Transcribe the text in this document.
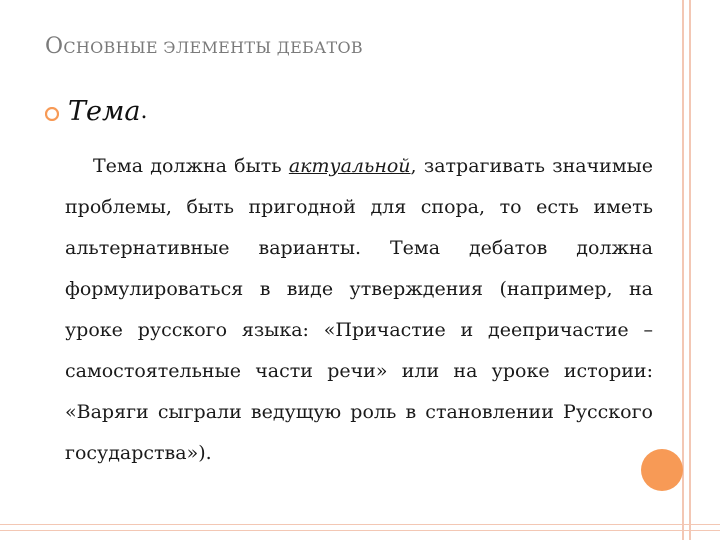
ОСНОВНЫЕ ЭЛЕМЕНТЫ ДЕБАТОВ
Тема .
Тема должна быть актуальной, затрагивать значимые проблемы, быть пригодной для спора, то есть иметь альтернативные варианты. Тема дебатов должна формулироваться в виде утверждения (например, на уроке русского языка: «Причастие и деепричастие – самостоятельные части речи» или на уроке истории: «Варяги сыграли ведущую роль в становлении Русского государства»).
